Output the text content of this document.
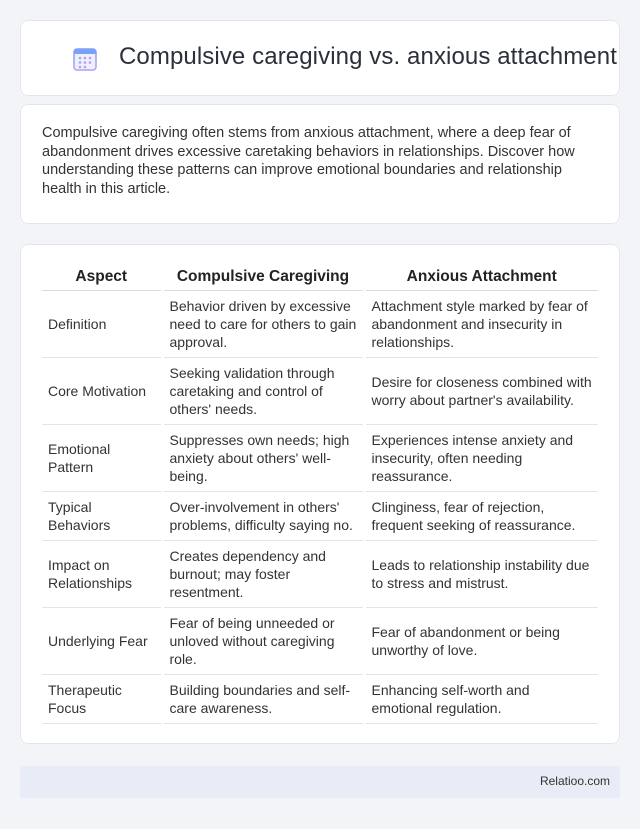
Compulsive caregiving vs. anxious attachment

Compulsive caregiving often stems from anxious attachment, where a deep fear of abandonment drives excessive caretaking behaviors in relationships. Discover how understanding these patterns can improve emotional boundaries and relationship health in this article.

Aspect	Compulsive Caregiving	Anxious Attachment
Definition	Behavior driven by excessive need to care for others to gain approval.	Attachment style marked by fear of abandonment and insecurity in relationships.
Core Motivation	Seeking validation through caretaking and control of others' needs.	Desire for closeness combined with worry about partner's availability.
Emotional Pattern	Suppresses own needs; high anxiety about others' well-being.	Experiences intense anxiety and insecurity, often needing reassurance.
Typical Behaviors	Over-involvement in others' problems, difficulty saying no.	Clinginess, fear of rejection, frequent seeking of reassurance.
Impact on Relationships	Creates dependency and burnout; may foster resentment.	Leads to relationship instability due to stress and mistrust.
Underlying Fear	Fear of being unneeded or unloved without caregiving role.	Fear of abandonment or being unworthy of love.
Therapeutic Focus	Building boundaries and self-care awareness.	Enhancing self-worth and emotional regulation.
Relatioo.com
